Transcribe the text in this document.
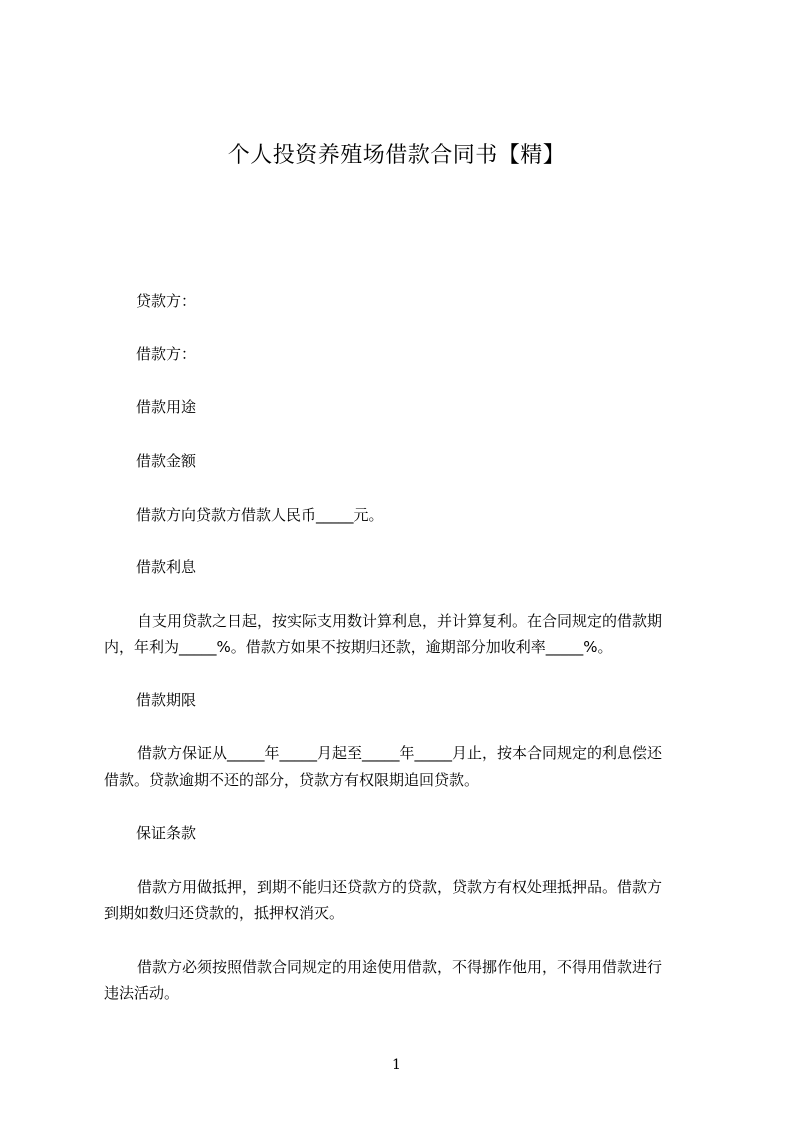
个人投资养殖场借款合同书【精】
贷款方：
借款方：
借款用途
借款金额
借款方向贷款方借款人民币_____元。
借款利息
自支用贷款之日起，按实际支用数计算利息，并计算复利。在合同规定的借款期
内，年利为_____%。借款方如果不按期归还款，逾期部分加收利率_____%。
借款期限
借款方保证从_____年_____月起至_____年_____月止，按本合同规定的利息偿还
借款。贷款逾期不还的部分，贷款方有权限期追回贷款。
保证条款
借款方用做抵押，到期不能归还贷款方的贷款，贷款方有权处理抵押品。借款方
到期如数归还贷款的，抵押权消灭。
借款方必须按照借款合同规定的用途使用借款，不得挪作他用，不得用借款进行
违法活动。
1
